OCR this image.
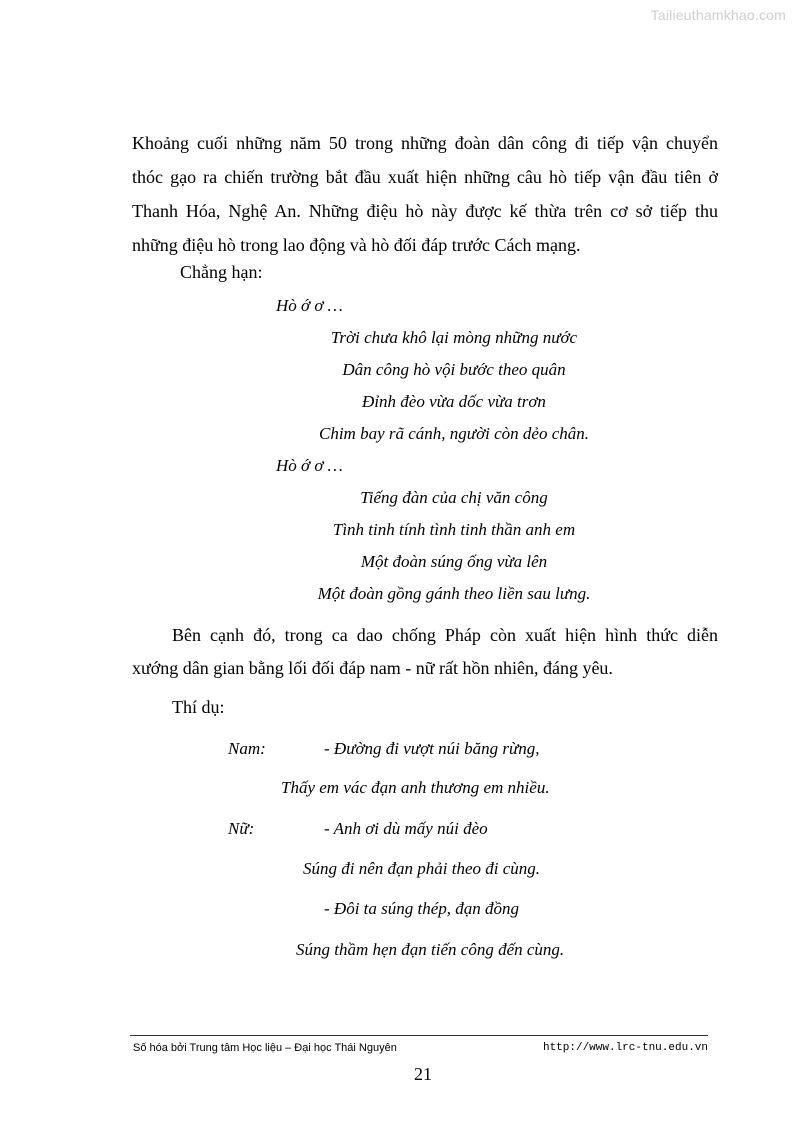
Tailieuthamkhao.com
Khoảng cuối những năm 50 trong những đoàn dân công đi tiếp vận chuyển
thóc gạo ra chiến trường bắt đầu xuất hiện những câu hò tiếp vận đầu tiên ở
Thanh Hóa, Nghệ An. Những điệu hò này được kế thừa trên cơ sở tiếp thu
những điệu hò trong lao động và hò đối đáp trước Cách mạng.
Chẳng hạn:
Hò ớ ơ …
Trời chưa khô lại mòng những nước
Dân công hò vội bước theo quân
Đỉnh đèo vừa dốc vừa trơn
Chim bay rã cánh, người còn dẻo chân.
Hò ớ ơ …
Tiếng đàn của chị văn công
Tình tinh tính tình tinh thần anh em
Một đoàn súng ống vừa lên
Một đoàn gồng gánh theo liền sau lưng.
Bên cạnh đó, trong ca dao chống Pháp còn xuất hiện hình thức diễn
xướng dân gian bằng lối đối đáp nam - nữ rất hồn nhiên, đáng yêu.
Thí dụ:
Nam:	- Đường đi vượt núi băng rừng,
Thấy em vác đạn anh thương em nhiều.
Nữ:	- Anh ơi dù mấy núi đèo
Súng đi nên đạn phải theo đi cùng.
- Đôi ta súng thép, đạn đồng
Súng thầm hẹn đạn tiến công đến cùng.
Số hóa bởi Trung tâm Học liệu – Đại học Thái Nguyên	http://www.lrc-tnu.edu.vn
21
